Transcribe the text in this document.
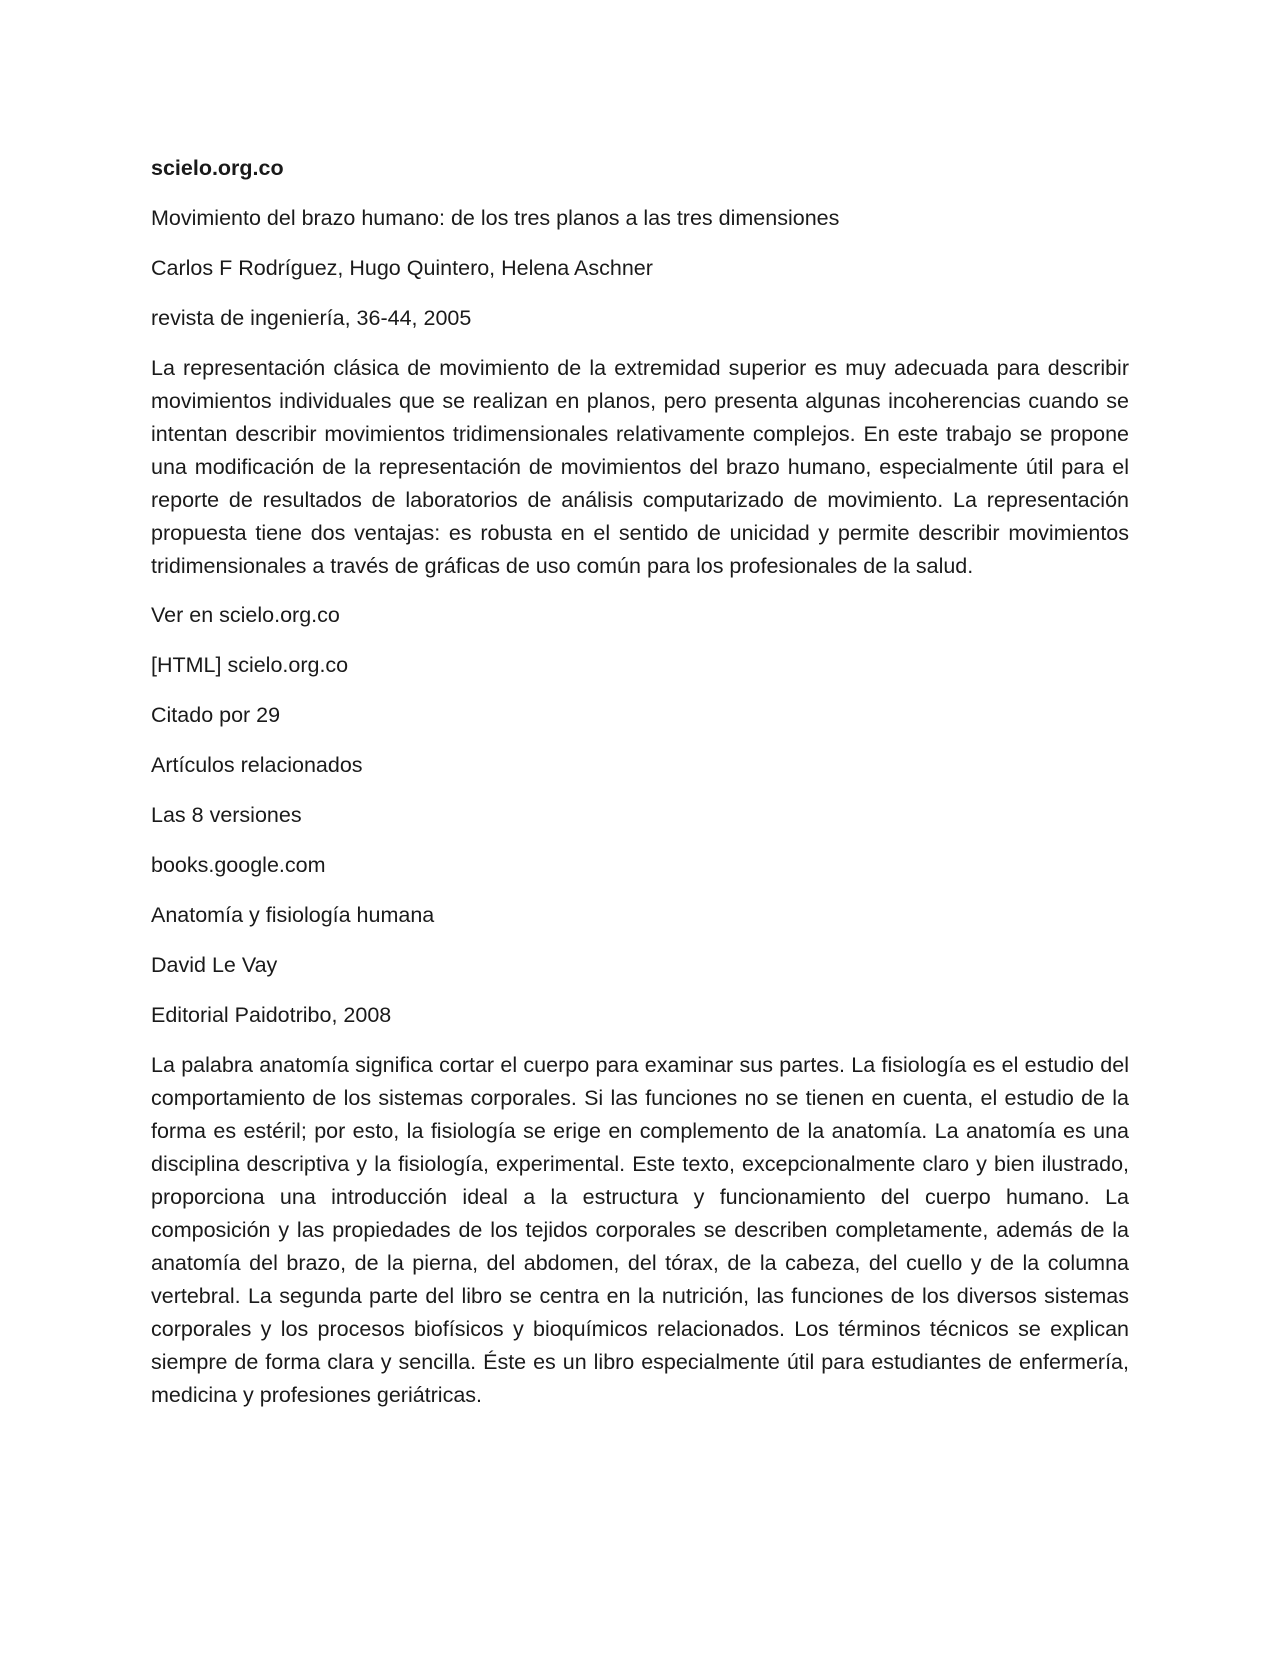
scielo.org.co

Movimiento del brazo humano: de los tres planos a las tres dimensiones

Carlos F Rodríguez, Hugo Quintero, Helena Aschner

revista de ingeniería, 36-44, 2005

La representación clásica de movimiento de la extremidad superior es muy adecuada para describir movimientos individuales que se realizan en planos, pero presenta algunas incoherencias cuando se intentan describir movimientos tridimensionales relativamente complejos. En este trabajo se propone una modificación de la representación de movimientos del brazo humano, especialmente útil para el reporte de resultados de laboratorios de análisis computarizado de movimiento. La representación propuesta tiene dos ventajas: es robusta en el sentido de unicidad y permite describir movimientos tridimensionales a través de gráficas de uso común para los profesionales de la salud.

Ver en scielo.org.co

[HTML] scielo.org.co

Citado por 29

Artículos relacionados

Las 8 versiones

books.google.com

Anatomía y fisiología humana

David Le Vay

Editorial Paidotribo, 2008

La palabra anatomía significa cortar el cuerpo para examinar sus partes. La fisiología es el estudio del comportamiento de los sistemas corporales. Si las funciones no se tienen en cuenta, el estudio de la forma es estéril; por esto, la fisiología se erige en complemento de la anatomía. La anatomía es una disciplina descriptiva y la fisiología, experimental. Este texto, excepcionalmente claro y bien ilustrado, proporciona una introducción ideal a la estructura y funcionamiento del cuerpo humano. La composición y las propiedades de los tejidos corporales se describen completamente, además de la anatomía del brazo, de la pierna, del abdomen, del tórax, de la cabeza, del cuello y de la columna vertebral. La segunda parte del libro se centra en la nutrición, las funciones de los diversos sistemas corporales y los procesos biofísicos y bioquímicos relacionados. Los términos técnicos se explican siempre de forma clara y sencilla. Éste es un libro especialmente útil para estudiantes de enfermería, medicina y profesiones geriátricas.
